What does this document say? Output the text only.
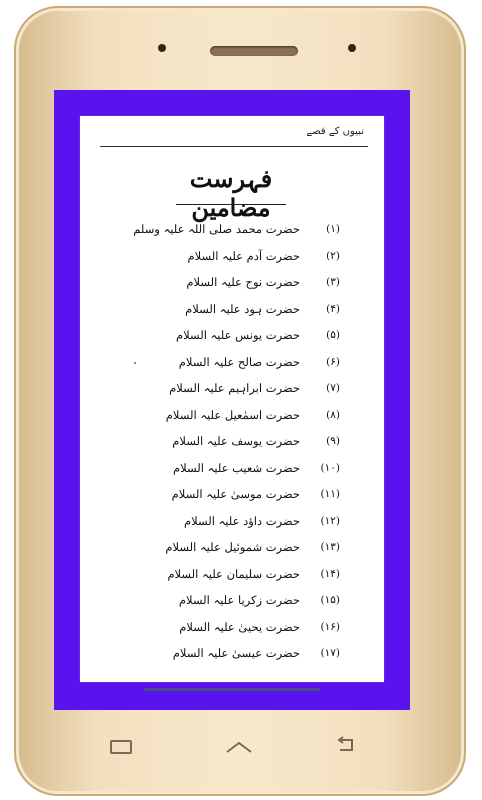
نبیوں کے قصے
فہرست مضامین
حضرت محمد صلی اللہ علیہ وسلم	(۱)
حضرت آدم علیہ السلام	(۲)
حضرت نوح علیہ السلام	(۳)
حضرت ہود علیہ السلام	(۴)
حضرت یونس علیہ السلام	(۵)
حضرت صالح علیہ السلام	(۶)
حضرت ابراہیم علیہ السلام	(۷)
حضرت اسمٰعیل علیہ السلام	(۸)
حضرت یوسف علیہ السلام	(۹)
حضرت شعیب علیہ السلام	(۱۰)
حضرت موسیٰ علیہ السلام	(۱۱)
حضرت داؤد علیہ السلام	(۱۲)
حضرت شموئیل علیہ السلام	(۱۳)
حضرت سلیمان علیہ السلام	(۱۴)
حضرت زکریا علیہ السلام	(۱۵)
حضرت یحییٰ علیہ السلام	(۱۶)
حضرت عیسیٰ علیہ السلام	(۱۷)
